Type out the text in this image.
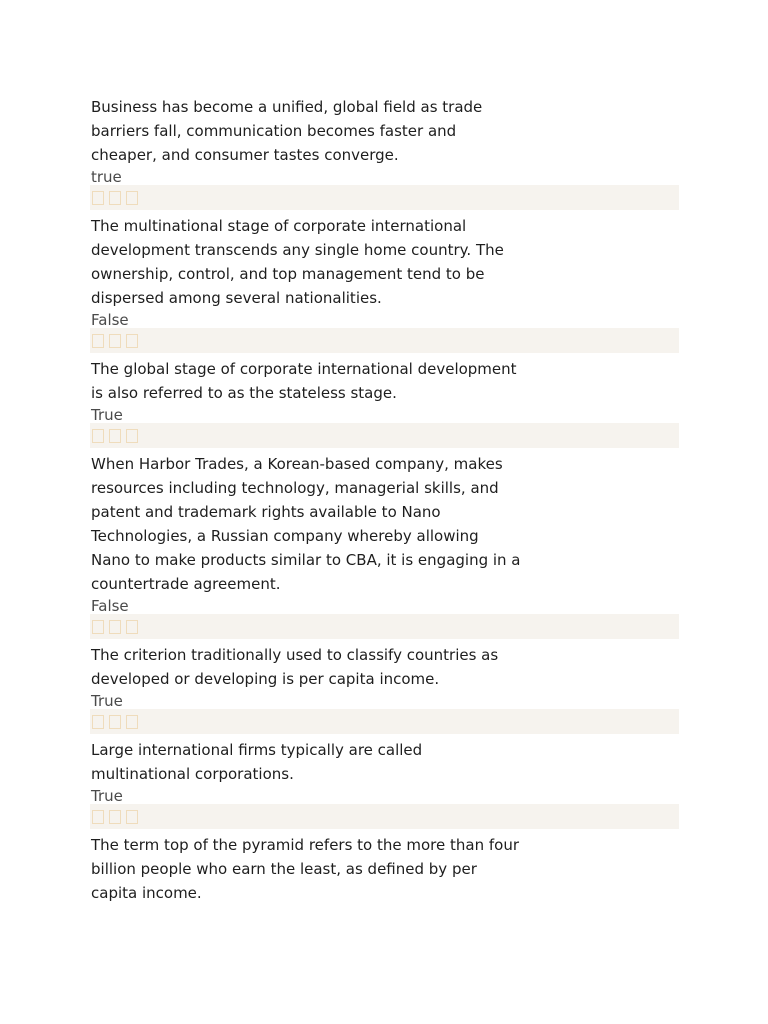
Business has become a unified, global field as trade barriers fall, communication becomes faster and cheaper, and consumer tastes converge.

true

The multinational stage of corporate international development transcends any single home country. The ownership, control, and top management tend to be dispersed among several nationalities.

False

The global stage of corporate international development is also referred to as the stateless stage.

True

When Harbor Trades, a Korean-based company, makes resources including technology, managerial skills, and patent and trademark rights available to Nano Technologies, a Russian company whereby allowing Nano to make products similar to CBA, it is engaging in a countertrade agreement.

False

The criterion traditionally used to classify countries as developed or developing is per capita income.

True

Large international firms typically are called multinational corporations.

True

The term top of the pyramid refers to the more than four billion people who earn the least, as defined by per capita income.
